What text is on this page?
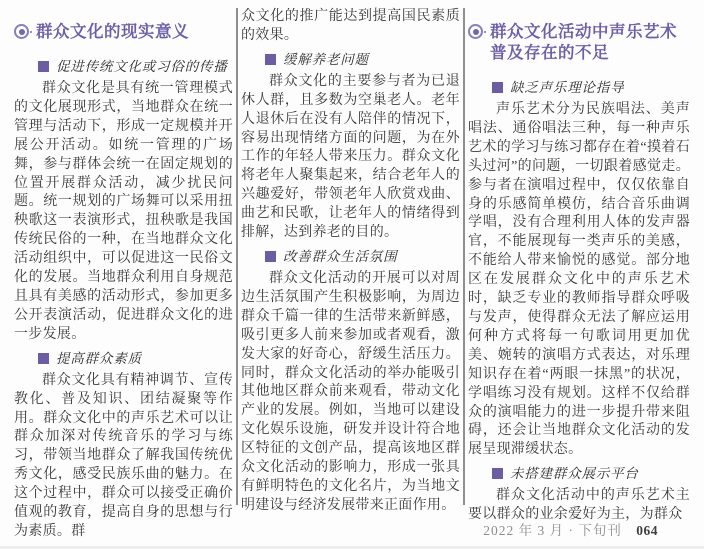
群众文化的现实意义
促进传统文化或习俗的传播

群众文化是具有统一管理模式的文化展现形式，当地群众在统一管理与活动下，形成一定规模并开展公开活动。如统一管理的广场舞，参与群体会统一在固定规划的位置开展群众活动，减少扰民问题。统一规划的广场舞可以采用扭秧歌这一表演形式，扭秧歌是我国传统民俗的一种，在当地群众文化活动组织中，可以促进这一民俗文化的发展。当地群众利用自身规范且具有美感的活动形式，参加更多公开表演活动，促进群众文化的进一步发展。

提高群众素质

群众文化具有精神调节、宣传教化、普及知识、团结凝聚等作用。群众文化中的声乐艺术可以让群众加深对传统音乐的学习与练习，带领当地群众了解我国传统优秀文化，感受民族乐曲的魅力。在这个过程中，群众可以接受正确价值观的教育，提高自身的思想与行为素质。群

众文化的推广能达到提高国民素质的效果。

缓解养老问题

群众文化的主要参与者为已退休人群，且多数为空巢老人。老年人退休后在没有人陪伴的情况下，容易出现情绪方面的问题，为在外工作的年轻人带来压力。群众文化将老年人聚集起来，结合老年人的兴趣爱好，带领老年人欣赏戏曲、曲艺和民歌，让老年人的情绪得到排解，达到养老的目的。

改善群众生活氛围

群众文化活动的开展可以对周边生活氛围产生积极影响，为周边群众千篇一律的生活带来新鲜感，吸引更多人前来参加或者观看，激发大家的好奇心，舒缓生活压力。同时，群众文化活动的举办能吸引其他地区群众前来观看，带动文化产业的发展。例如，当地可以建设文化娱乐设施，研发并设计符合地区特征的文创产品，提高该地区群众文化活动的影响力，形成一张具有鲜明特色的文化名片，为当地文明建设与经济发展带来正面作用。

群众文化活动中声乐艺术普及存在的不足
缺乏声乐理论指导

声乐艺术分为民族唱法、美声唱法、通俗唱法三种，每一种声乐艺术的学习与练习都存在着“摸着石头过河”的问题，一切跟着感觉走。参与者在演唱过程中，仅仅依靠自身的乐感简单模仿，结合音乐曲调学唱，没有合理利用人体的发声器官，不能展现每一类声乐的美感，不能给人带来愉悦的感觉。部分地区在发展群众文化中的声乐艺术时，缺乏专业的教师指导群众呼吸与发声，使得群众无法了解应运用何种方式将每一句歌词用更加优美、婉转的演唱方式表达，对乐理知识存在着“两眼一抹黑”的状况，学唱练习没有规划。这样不仅给群众的演唱能力的进一步提升带来阻碍，还会让当地群众文化活动的发展呈现滞缓状态。

未搭建群众展示平台

群众文化活动中的声乐艺术主要以群众的业余爱好为主，为群众

2022 年 3 月 · 下旬刊 064
